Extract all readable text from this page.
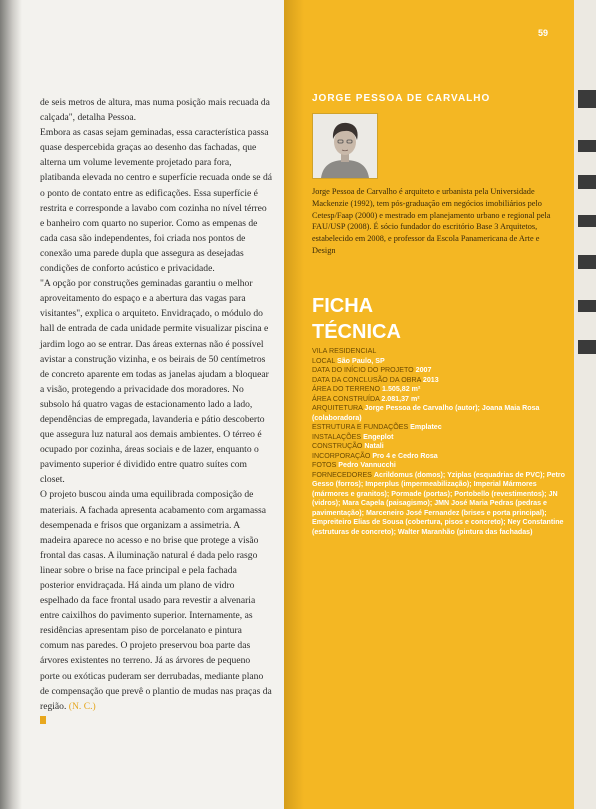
de seis metros de altura, mas numa posição mais recuada da calçada", detalha Pessoa.

Embora as casas sejam geminadas, essa característica passa quase despercebida graças ao desenho das fachadas, que alterna um volume levemente projetado para fora, platibanda elevada no centro e superfície recuada onde se dá o ponto de contato entre as edificações. Essa superfície é restrita e corresponde a lavabo com cozinha no nível térreo e banheiro com quarto no superior. Como as empenas de cada casa são independentes, foi criada nos pontos de conexão uma parede dupla que assegura as desejadas condições de conforto acústico e privacidade.

"A opção por construções geminadas garantiu o melhor aproveitamento do espaço e a abertura das vagas para visitantes", explica o arquiteto. Envidraçado, o módulo do hall de entrada de cada unidade permite visualizar piscina e jardim logo ao se entrar. Das áreas externas não é possível avistar a construção vizinha, e os beirais de 50 centímetros de concreto aparente em todas as janelas ajudam a bloquear a visão, protegendo a privacidade dos moradores. No subsolo há quatro vagas de estacionamento lado a lado, dependências de empregada, lavanderia e pátio descoberto que assegura luz natural aos demais ambientes. O térreo é ocupado por cozinha, áreas sociais e de lazer, enquanto o pavimento superior é dividido entre quatro suítes com closet.

O projeto buscou ainda uma equilibrada composição de materiais. A fachada apresenta acabamento com argamassa desempenada e frisos que organizam a assimetria. A madeira aparece no acesso e no brise que protege a visão frontal das casas. A iluminação natural é dada pelo rasgo linear sobre o brise na face principal e pela fachada posterior envidraçada. Há ainda um plano de vidro espelhado da face frontal usado para revestir a alvenaria entre caixilhos do pavimento superior. Internamente, as residências apresentam piso de porcelanato e pintura comum nas paredes. O projeto preservou boa parte das árvores existentes no terreno. Já as árvores de pequeno porte ou exóticas puderam ser derrubadas, mediante plano de compensação que prevê o plantio de mudas nas praças da região. (N. C.)

59
JORGE PESSOA DE CARVALHO

Jorge Pessoa de Carvalho é arquiteto e urbanista pela Universidade Mackenzie (1992), tem pós-graduação em negócios imobiliários pelo Cetesp/Faap (2000) e mestrado em planejamento urbano e regional pela FAU/USP (2008). É sócio fundador do escritório Base 3 Arquitetos, estabelecido em 2008, e professor da Escola Panamericana de Arte e Design

FICHA
TÉCNICA
VILA RESIDENCIAL
LOCAL São Paulo, SP
DATA DO INÍCIO DO PROJETO 2007
DATA DA CONCLUSÃO DA OBRA 2013
ÁREA DO TERRENO 1.505,82 m²
ÁREA CONSTRUÍDA 2.081,37 m²
ARQUITETURA Jorge Pessoa de Carvalho (autor); Joana Maia Rosa (colaboradora)
ESTRUTURA E FUNDAÇÕES Emplatec
INSTALAÇÕES Engeplot
CONSTRUÇÃO Natali
INCORPORAÇÃO Pro 4 e Cedro Rosa
FOTOS Pedro Vannucchi
FORNECEDORES Acrildomus (domos); Yziplas (esquadrias de PVC); Petro Gesso (forros); Imperplus (impermeabilização); Imperial Mármores (mármores e granitos); Pormade (portas); Portobello (revestimentos); JN (vidros); Mara Capela (paisagismo); JMN José Maria Pedras (pedras e pavimentação); Marceneiro José Fernandez (brises e porta principal); Empreiteiro Elias de Sousa (cobertura, pisos e concreto); Ney Constantine (estruturas de concreto); Walter Maranhão (pintura das fachadas)
